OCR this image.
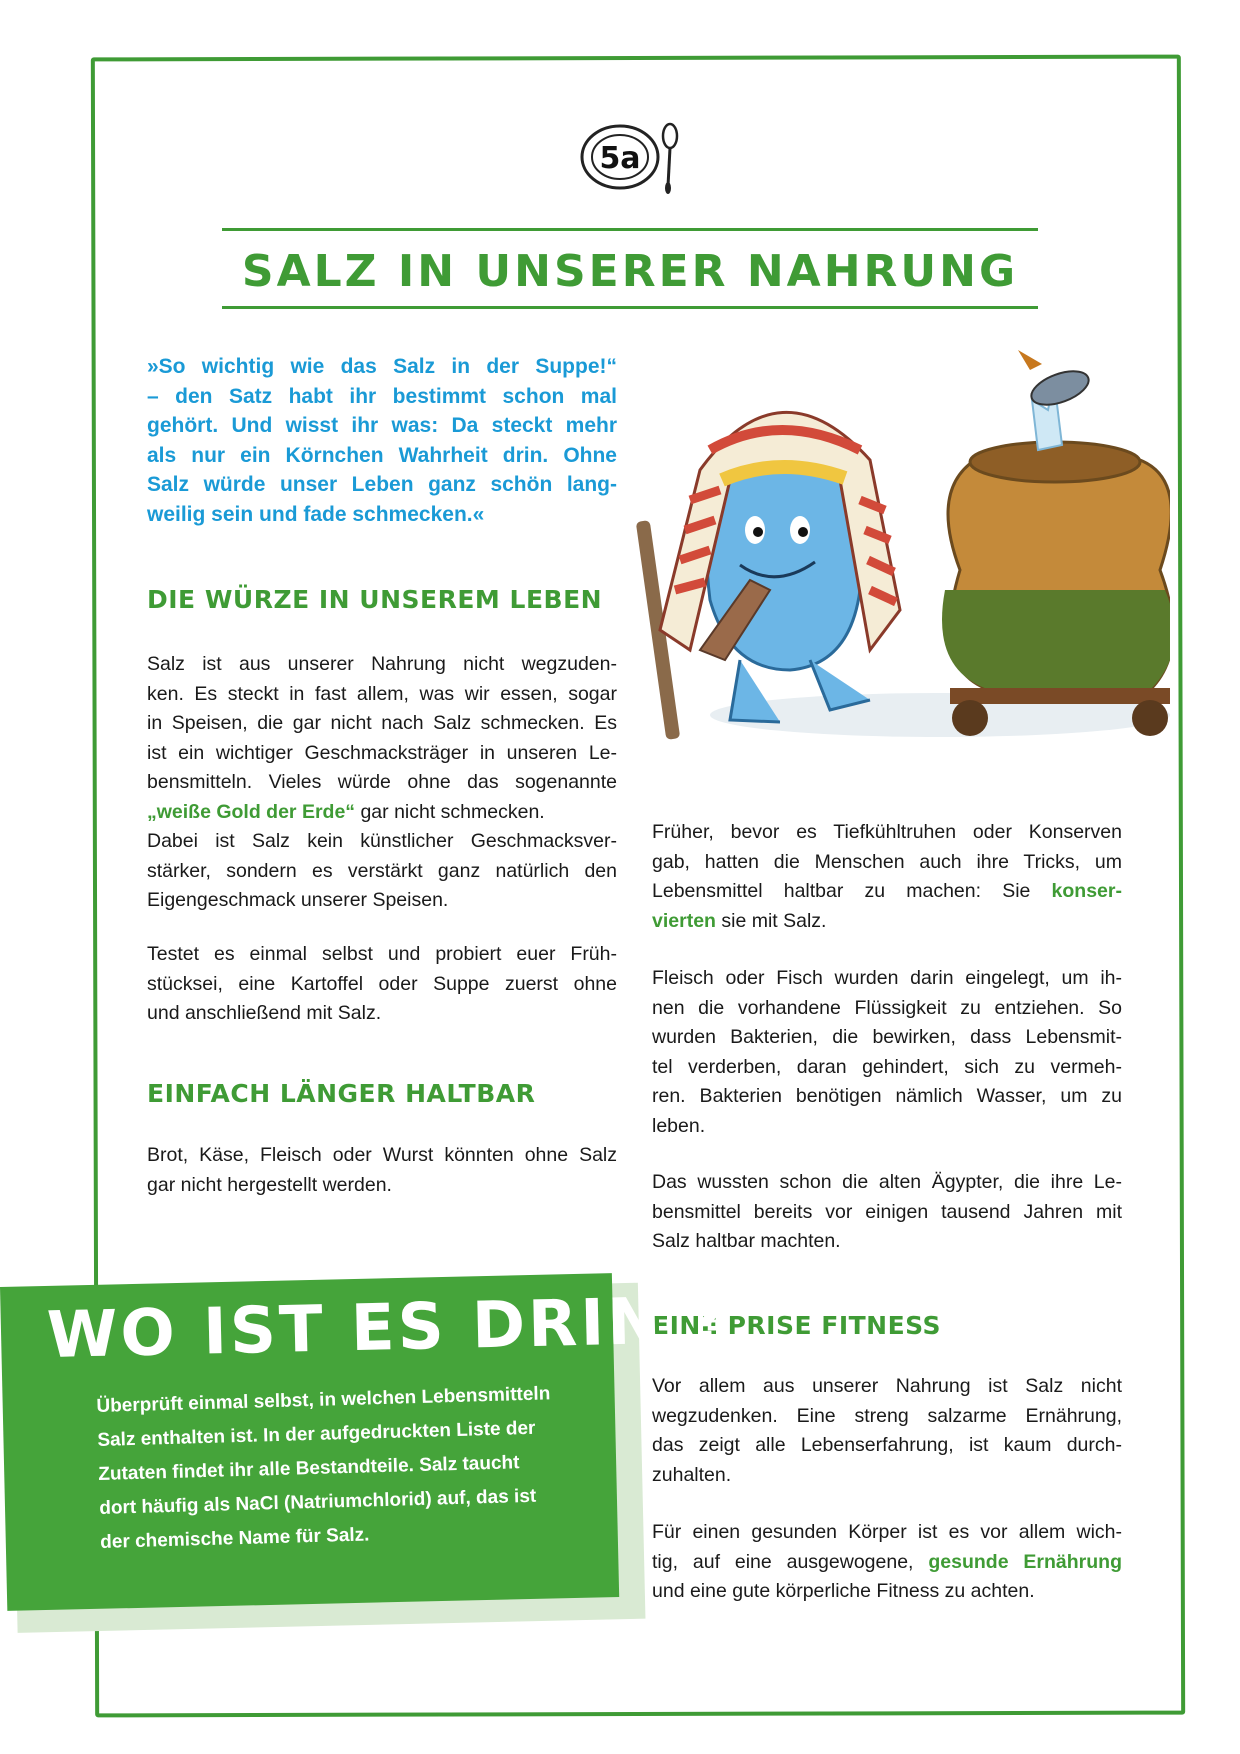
5a
SALZ IN UNSERER NAHRUNG
»So wichtig wie das Salz in der Suppe!“
– den Satz habt ihr bestimmt schon mal
gehört. Und wisst ihr was: Da steckt mehr
als nur ein Körnchen Wahrheit drin. Ohne
Salz würde unser Leben ganz schön lang-
weilig sein und fade schmecken.«
DIE WÜRZE IN UNSEREM LEBEN
Salz ist aus unserer Nahrung nicht wegzuden-
ken. Es steckt in fast allem, was wir essen, sogar
in Speisen, die gar nicht nach Salz schmecken. Es
ist ein wichtiger Geschmacksträger in unseren Le-
bensmitteln. Vieles würde ohne das sogenannte
„weiße Gold der Erde“ gar nicht schmecken.
Dabei ist Salz kein künstlicher Geschmacksver-
stärker, sondern es verstärkt ganz natürlich den
Eigengeschmack unserer Speisen.
Testet es einmal selbst und probiert euer Früh-
stücksei, eine Kartoffel oder Suppe zuerst ohne
und anschließend mit Salz.
EINFACH LÄNGER HALTBAR
Brot, Käse, Fleisch oder Wurst könnten ohne Salz
gar nicht hergestellt werden.
Früher, bevor es Tiefkühltruhen oder Konserven
gab, hatten die Menschen auch ihre Tricks, um
Lebensmittel haltbar zu machen: Sie konser-
vierten sie mit Salz.
Fleisch oder Fisch wurden darin eingelegt, um ih-
nen die vorhandene Flüssigkeit zu entziehen. So
wurden Bakterien, die bewirken, dass Lebensmit-
tel verderben, daran gehindert, sich zu vermeh-
ren. Bakterien benötigen nämlich Wasser, um zu
leben.
Das wussten schon die alten Ägypter, die ihre Le-
bensmittel bereits vor einigen tausend Jahren mit
Salz haltbar machten.
EINE PRISE FITNESS
Vor allem aus unserer Nahrung ist Salz nicht
wegzudenken. Eine streng salzarme Ernährung,
das zeigt alle Lebenserfahrung, ist kaum durch-
zuhalten.
Für einen gesunden Körper ist es vor allem wich-
tig, auf eine ausgewogene, gesunde Ernährung
und eine gute körperliche Fitness zu achten.
WO IST ES DRIN ?
Überprüft einmal selbst, in welchen Lebensmitteln
Salz enthalten ist. In der aufgedruckten Liste der
Zutaten findet ihr alle Bestandteile. Salz taucht
dort häufig als NaCl (Natriumchlorid) auf, das ist
der chemische Name für Salz.
